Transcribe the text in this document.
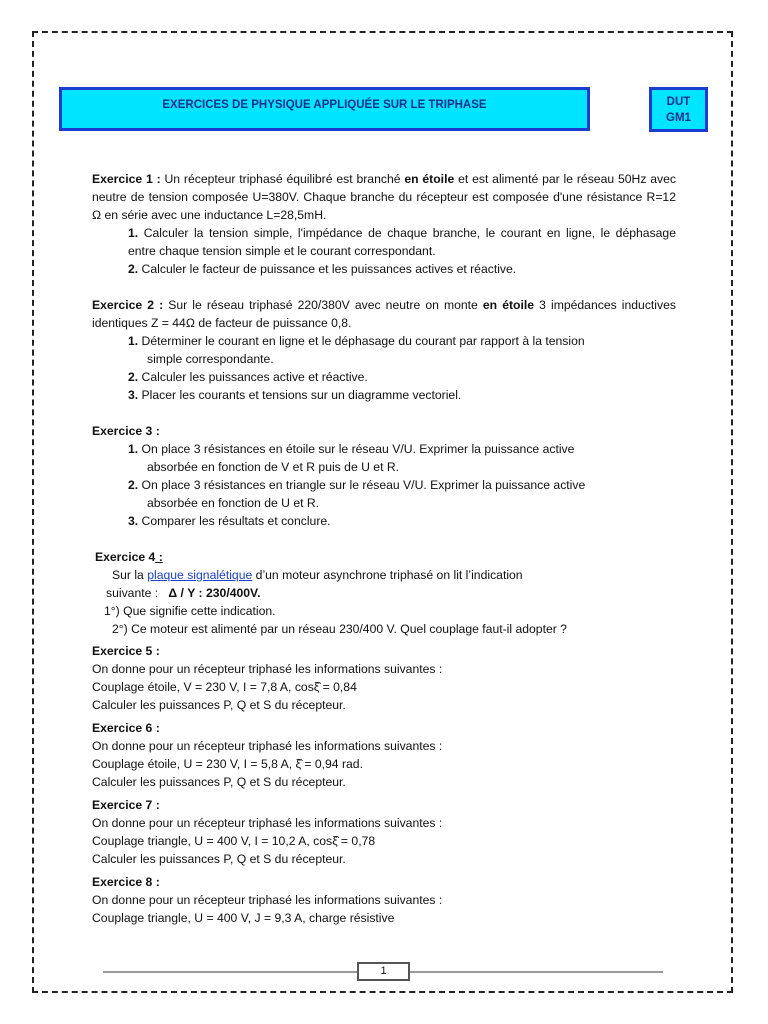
EXERCICES DE PHYSIQUE APPLIQUÉE SUR LE TRIPHASE	DUT
GM1

Exercice 1 : Un récepteur triphasé équilibré est branché en étoile et est alimenté par le réseau 50Hz avec neutre de tension composée U=380V. Chaque branche du récepteur est composée d'une résistance R=12 Ω en série avec une inductance L=28,5mH.

1. Calculer la tension simple, l'impédance de chaque branche, le courant en ligne, le déphasage entre chaque tension simple et le courant correspondant.

2. Calculer le facteur de puissance et les puissances actives et réactive.

Exercice 2 : Sur le réseau triphasé 220/380V avec neutre on monte en étoile 3 impédances inductives identiques Z = 44Ω de facteur de puissance 0,8.

1. Déterminer le courant en ligne et le déphasage du courant par rapport à la tension

simple correspondante.

2. Calculer les puissances active et réactive.

3. Placer les courants et tensions sur un diagramme vectoriel.

Exercice 3 :

1. On place 3 résistances en étoile sur le réseau V/U. Exprimer la puissance active

absorbée en fonction de V et R puis de U et R.

2. On place 3 résistances en triangle sur le réseau V/U. Exprimer la puissance active

absorbée en fonction de U et R.

3. Comparer les résultats et conclure.

Exercice 4 :

Sur la plaque signalétique d’un moteur asynchrone triphasé on lit l’indication

suivante : Δ / Y : 230/400V.

1°) Que signifie cette indication.

2°) Ce moteur est alimenté par un réseau 230/400 V. Quel couplage faut-il adopter ?

Exercice 5 :

On donne pour un récepteur triphasé les informations suivantes :

Couplage étoile, V = 230 V, I = 7,8 A, cosξ̂ = 0,84

Calculer les puissances P, Q et S du récepteur.

Exercice 6 :

On donne pour un récepteur triphasé les informations suivantes :

Couplage étoile, U = 230 V, I = 5,8 A, ξ̂ = 0,94 rad.

Calculer les puissances P, Q et S du récepteur.

Exercice 7 :

On donne pour un récepteur triphasé les informations suivantes :

Couplage triangle, U = 400 V, I = 10,2 A, cosξ̂ = 0,78

Calculer les puissances P, Q et S du récepteur.

Exercice 8 :

On donne pour un récepteur triphasé les informations suivantes :

Couplage triangle, U = 400 V, J = 9,3 A, charge résistive

1
